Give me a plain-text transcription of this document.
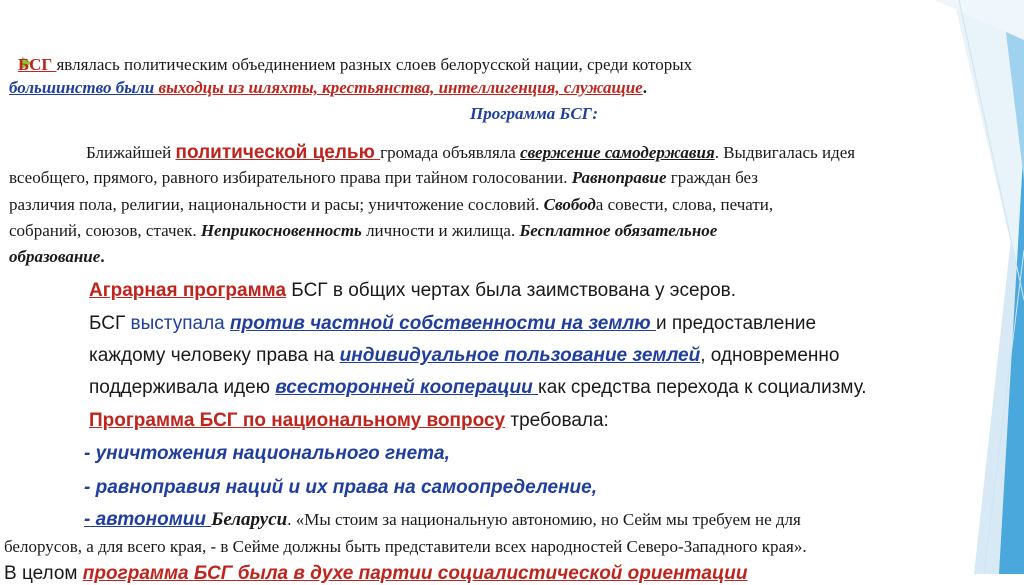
БСГ являлась политическим объединением разных слоев белорусской нации, среди которых
большинство были выходцы из шляхты, крестьянства, интеллигенция, служащие.
Программа БСГ:
Ближайшей политической целью громада объявляла свержение самодержавия. Выдвигалась идея
всеобщего, прямого, равного избирательного права при тайном голосовании. Равноправие граждан без
различия пола, религии, национальности и расы; уничтожение сословий. Свобода совести, слова, печати,
собраний, союзов, стачек. Неприкосновенность личности и жилища. Бесплатное обязательное
образование.
Аграрная программа БСГ в общих чертах была заимствована у эсеров.
БСГ выступала против частной собственности на землю и предоставление
каждому человеку права на индивидуальное пользование землей, одновременно
поддерживала идею всесторонней кооперации как средства перехода к социализму.
Программа БСГ по национальному вопросу требовала:
- уничтожения национального гнета,
- равноправия наций и их права на самоопределение,
- автономии Беларуси. «Мы стоим за национальную автономию, но Сейм мы требуем не для
белорусов, а для всего края, - в Сейме должны быть представители всех народностей Северо-Западного края».
В целом программа БСГ была в духе партии социалистической ориентации
